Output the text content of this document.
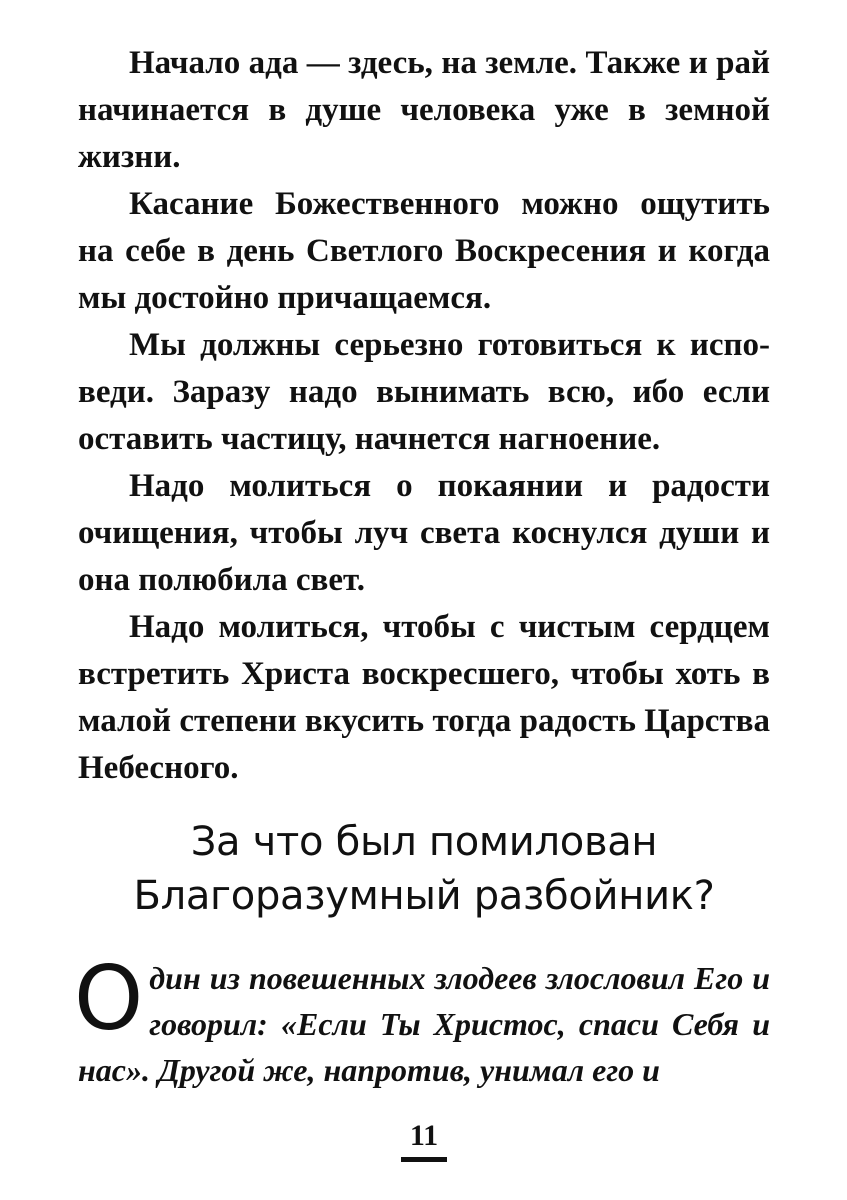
Начало ада — здесь, на земле. Также и рай начинается в душе человека уже в земной жизни.

Касание Божественного можно ощутить на себе в день Светлого Воскресения и когда мы достойно причащаемся.

Мы должны серьезно готовиться к исповеди. Заразу надо вынимать всю, ибо если оставить частицу, начнется нагноение.

Надо молиться о покаянии и радости очищения, чтобы луч света коснулся души и она полюбила свет.

Надо молиться, чтобы с чистым сердцем встретить Христа воскресшего, чтобы хоть в малой степени вкусить тогда радость Царства Небесного.

За что был помилован
Благоразумный разбойник?
О дин из повешенных злодеев злословил Его и говорил: «Если Ты Христос, спаси Себя и нас». Другой же, напротив, унимал его и
11
